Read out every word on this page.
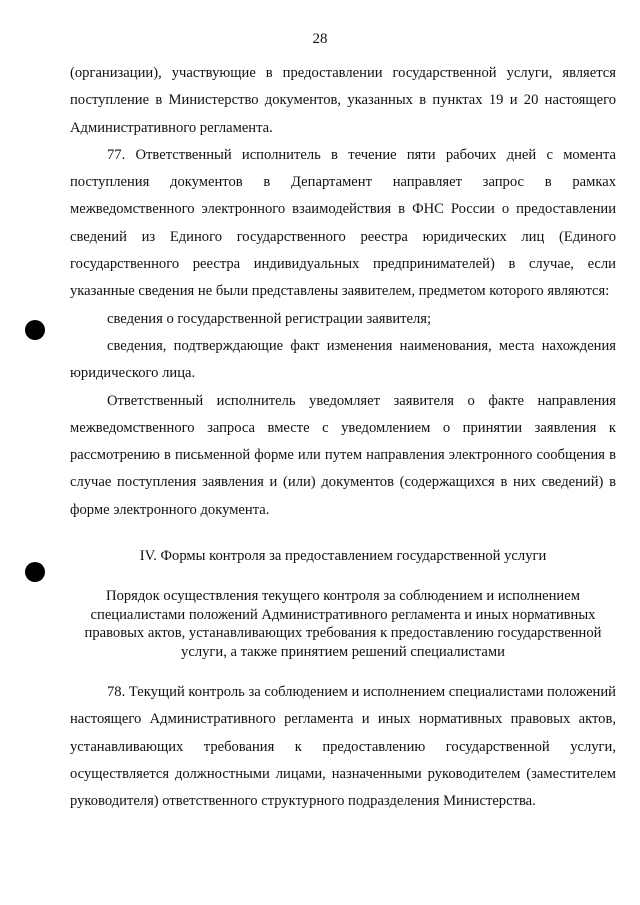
28

(организации), участвующие в предоставлении государственной услуги, является поступление в Министерство документов, указанных в пунктах 19 и 20 настоящего Административного регламента.

77. Ответственный исполнитель в течение пяти рабочих дней с момента поступления документов в Департамент направляет запрос в рамках межведомственного электронного взаимодействия в ФНС России о предоставлении сведений из Единого государственного реестра юридических лиц (Единого государственного реестра индивидуальных предпринимателей) в случае, если указанные сведения не были представлены заявителем, предметом которого являются:

сведения о государственной регистрации заявителя;

сведения, подтверждающие факт изменения наименования, места нахождения юридического лица.

Ответственный исполнитель уведомляет заявителя о факте направления межведомственного запроса вместе с уведомлением о принятии заявления к рассмотрению в письменной форме или путем направления электронного сообщения в случае поступления заявления и (или) документов (содержащихся в них сведений) в форме электронного документа.

IV. Формы контроля за предоставлением государственной услуги

Порядок осуществления текущего контроля за соблюдением и исполнением специалистами положений Административного регламента и иных нормативных правовых актов, устанавливающих требования к предоставлению государственной услуги, а также принятием решений специалистами

78. Текущий контроль за соблюдением и исполнением специалистами положений настоящего Административного регламента и иных нормативных правовых актов, устанавливающих требования к предоставлению государственной услуги, осуществляется должностными лицами, назначенными руководителем (заместителем руководителя) ответственного структурного подразделения Министерства.
